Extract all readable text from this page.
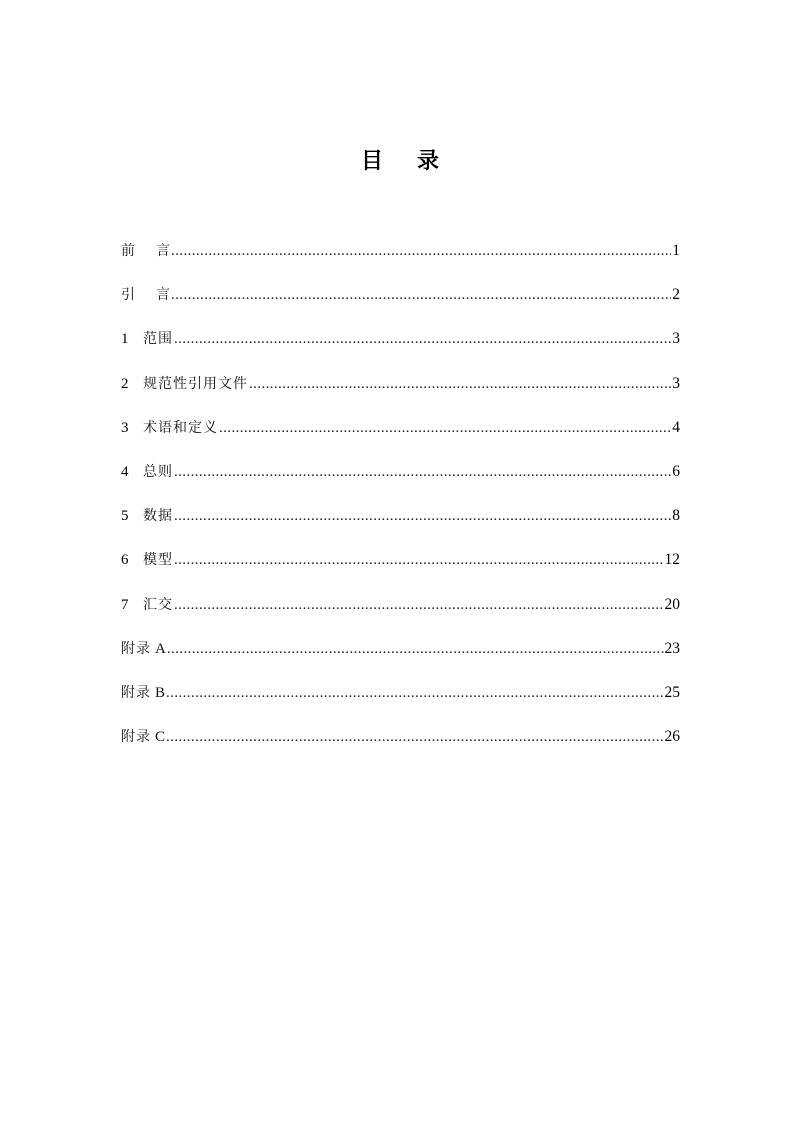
目 录
前 言 .....	1
引 言 .....	2
1	范围 .....	3
2	规范性引用文件 .....	3
3	术语和定义 .....	4
4	总则 .....	6
5	数据 .....	8
6	模型 .....	12
7	汇交 .....	20
附录 A .....	23
附录 B .....	25
附录 C .....	26
